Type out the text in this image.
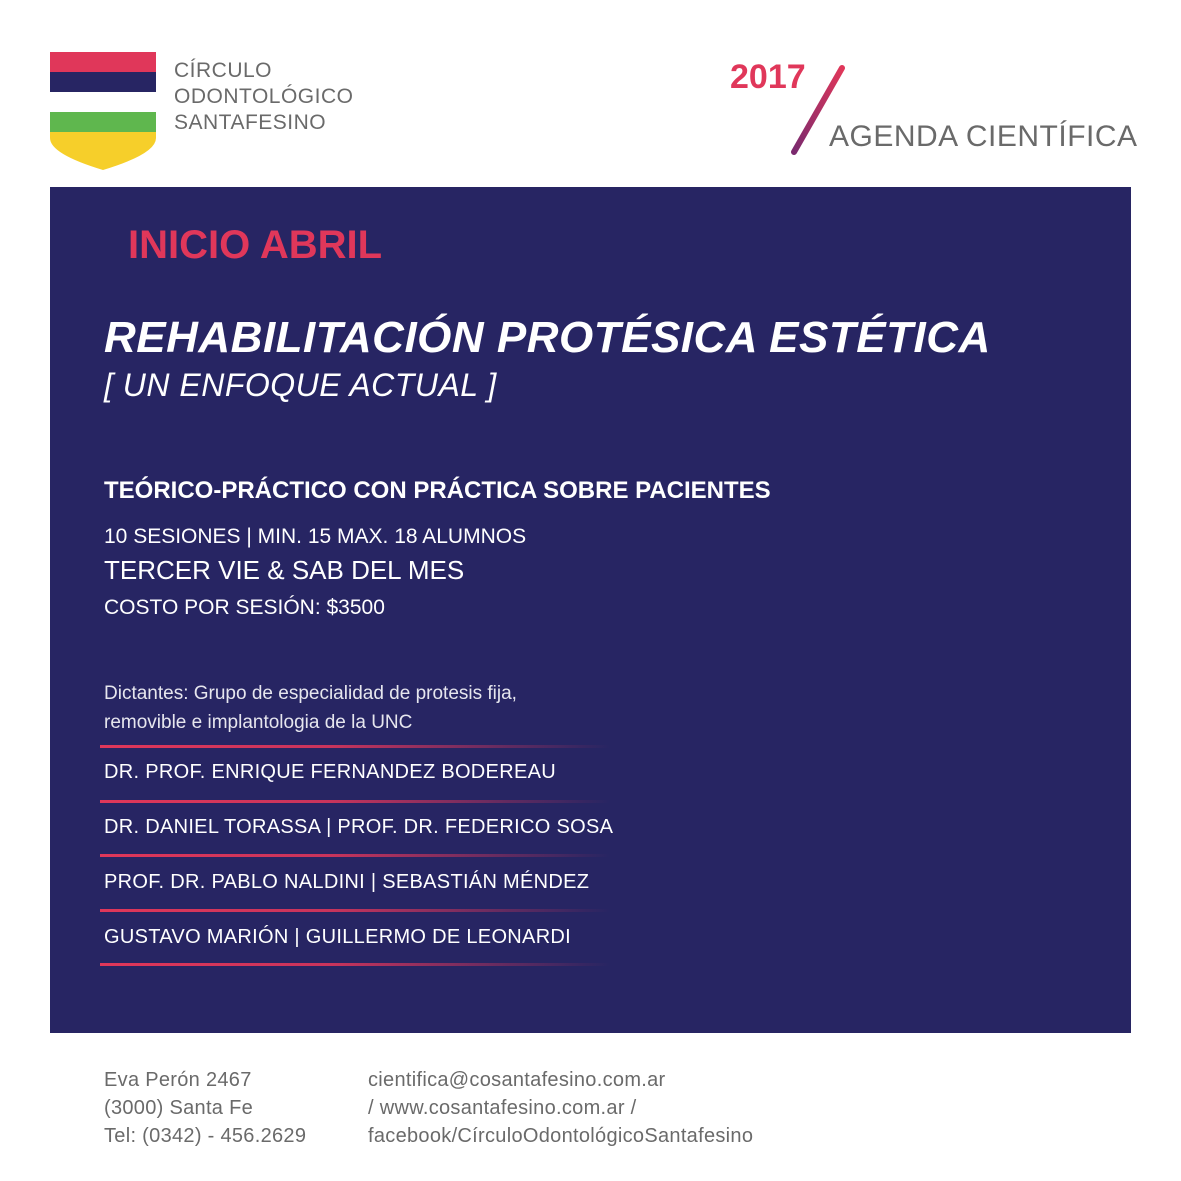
CÍRCULO
ODONTOLÓGICO
SANTAFESINO
2017
AGENDA CIENTÍFICA
INICIO ABRIL
REHABILITACIÓN PROTÉSICA ESTÉTICA
[ UN ENFOQUE ACTUAL ]
TEÓRICO-PRÁCTICO CON PRÁCTICA SOBRE PACIENTES
10 SESIONES | MIN. 15 MAX. 18 ALUMNOS
TERCER VIE & SAB DEL MES
COSTO POR SESIÓN: $3500
Dictantes: Grupo de especialidad de protesis fija,
removible e implantologia de la UNC
DR. PROF. ENRIQUE FERNANDEZ BODEREAU
DR. DANIEL TORASSA | PROF. DR. FEDERICO SOSA
PROF. DR. PABLO NALDINI | SEBASTIÁN MÉNDEZ
GUSTAVO MARIÓN | GUILLERMO DE LEONARDI
Eva Perón 2467
(3000) Santa Fe
Tel: (0342) - 456.2629
cientifica@cosantafesino.com.ar
/ www.cosantafesino.com.ar /
facebook/CírculoOdontológicoSantafesino
